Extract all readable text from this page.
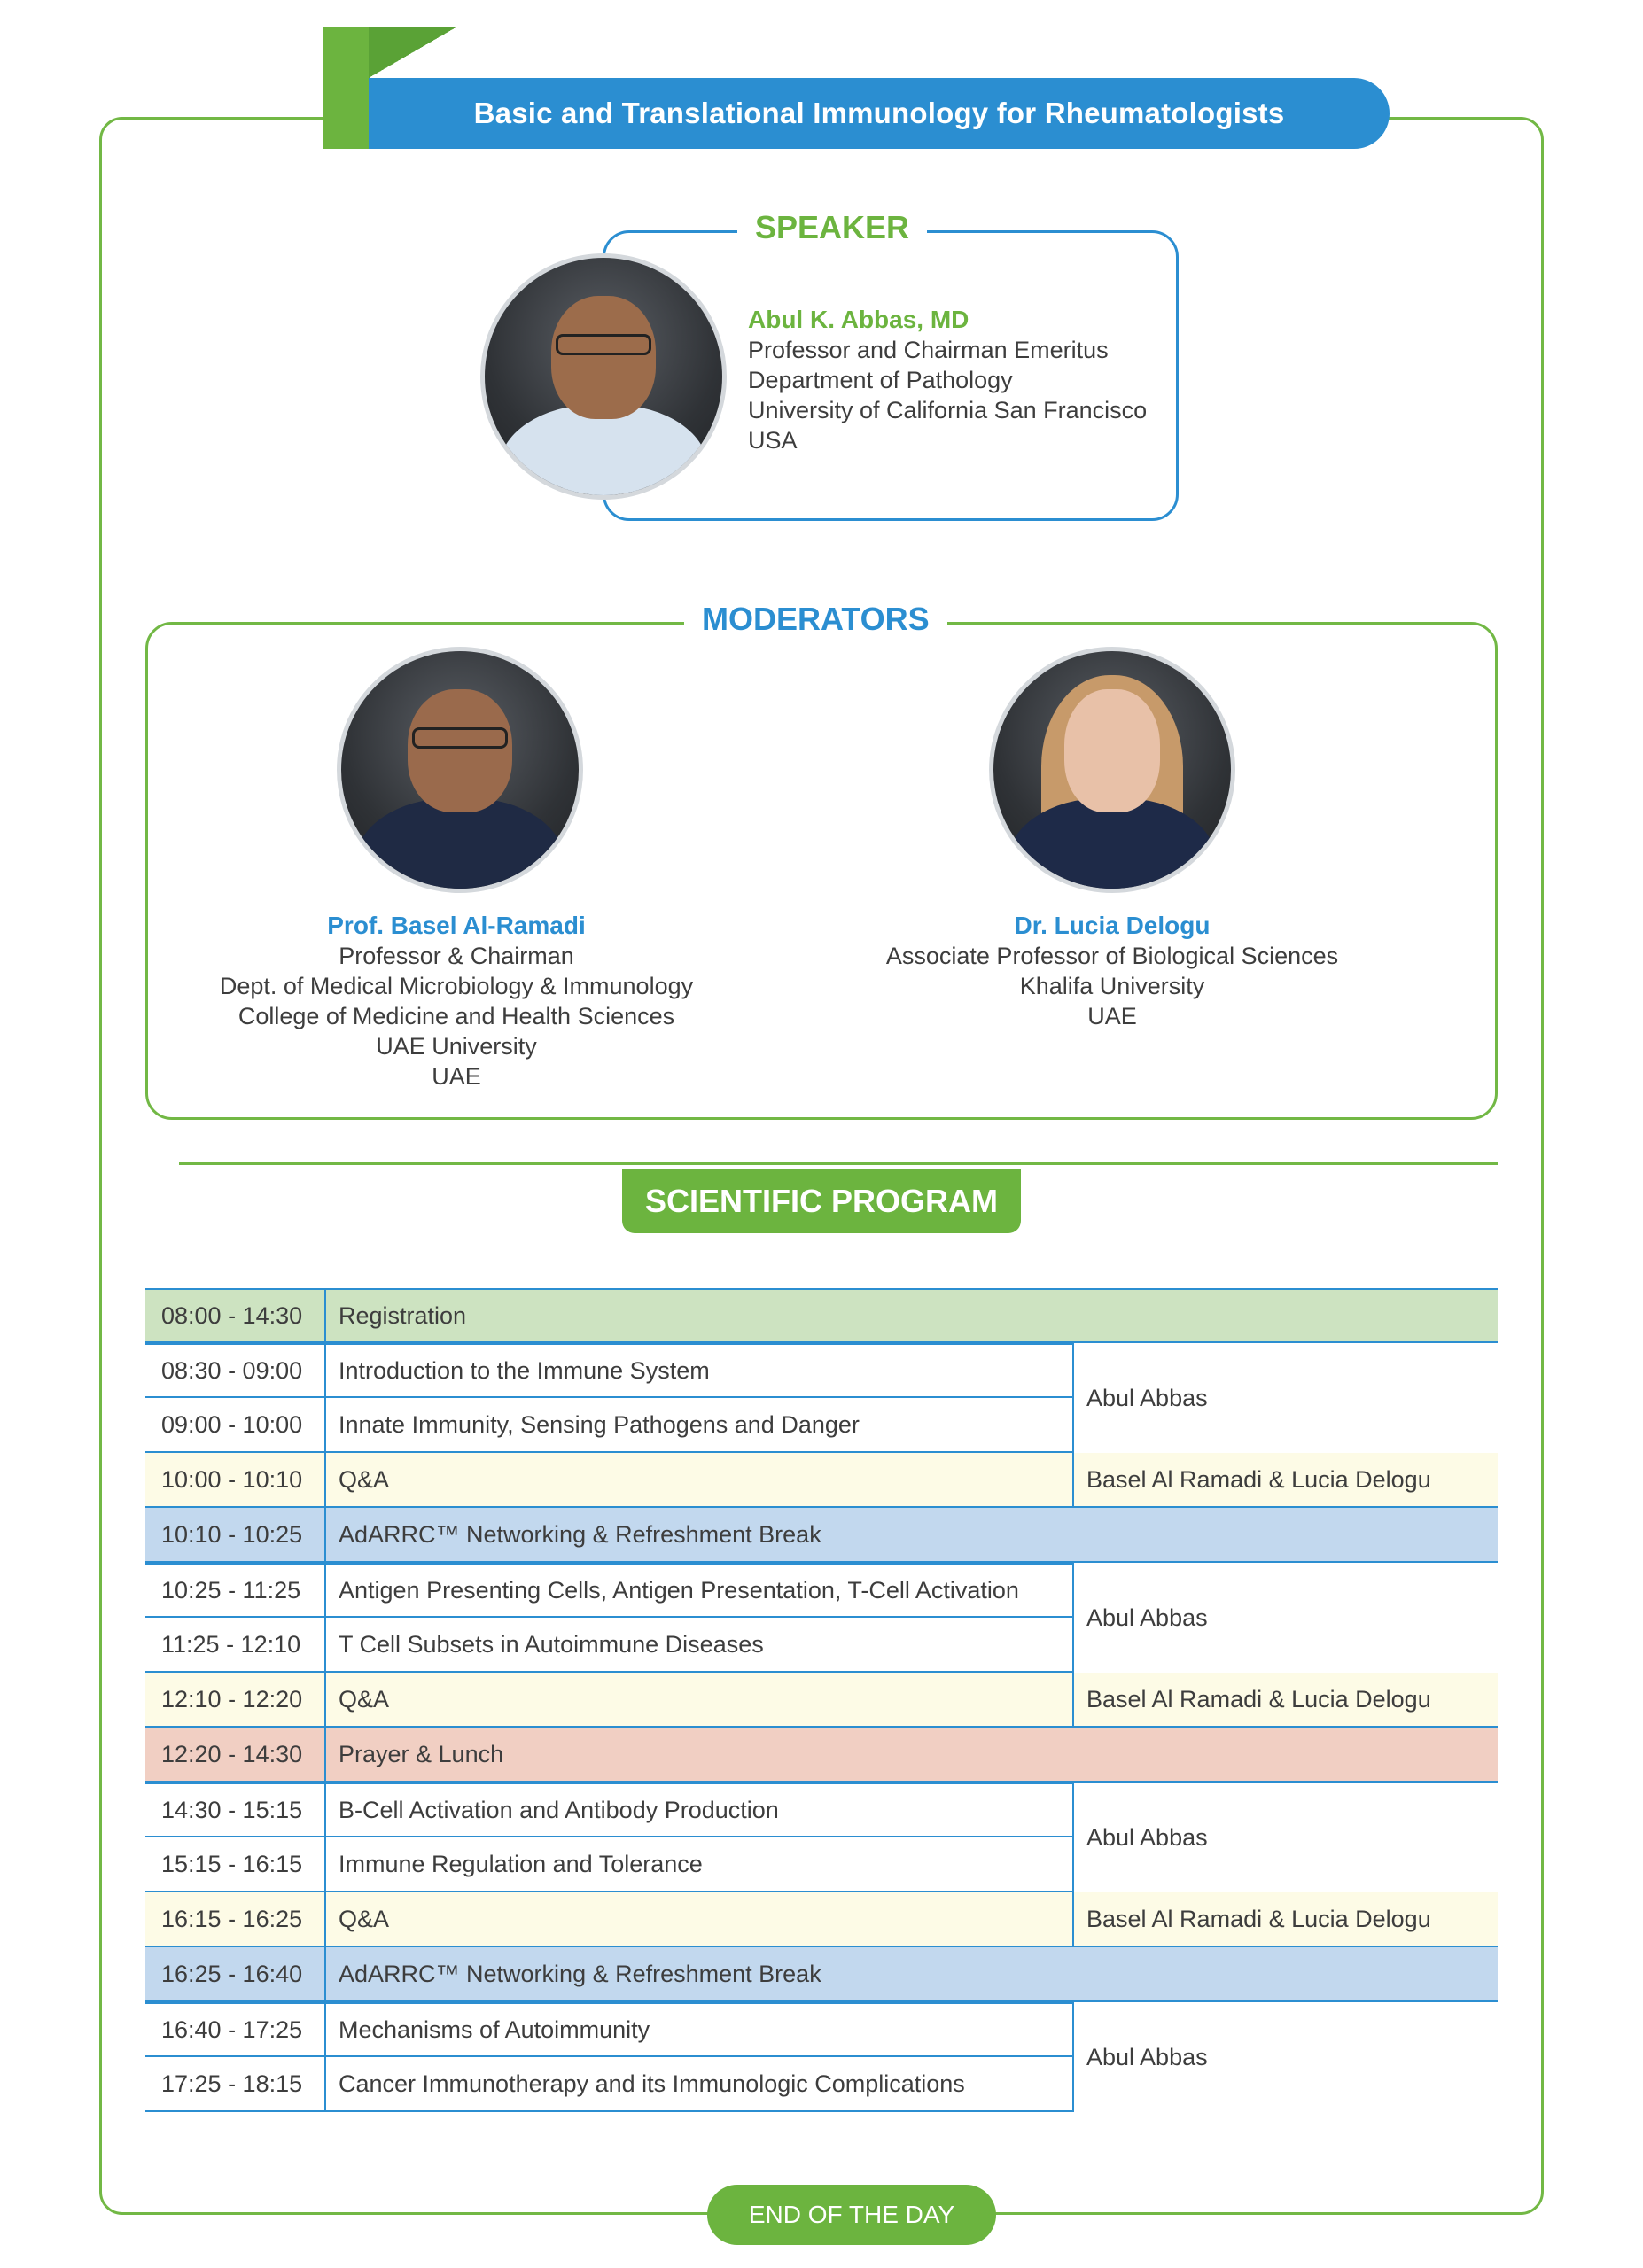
Basic and Translational Immunology for Rheumatologists
SPEAKER
Abul K. Abbas, MD
Professor and Chairman Emeritus
Department of Pathology
University of California San Francisco
USA
MODERATORS
Prof. Basel Al-Ramadi
Professor & Chairman
Dept. of Medical Microbiology & Immunology
College of Medicine and Health Sciences
UAE University
UAE
Dr. Lucia Delogu
Associate Professor of Biological Sciences
Khalifa University
UAE
SCIENTIFIC PROGRAM
08:00 - 14:30	Registration
08:30 - 09:00	Introduction to the Immune System
09:00 - 10:00	Innate Immunity, Sensing Pathogens and Danger
Abul Abbas
10:00 - 10:10	Q&A	Basel Al Ramadi & Lucia Delogu
10:10 - 10:25	AdARRC™ Networking & Refreshment Break
10:25 - 11:25	Antigen Presenting Cells, Antigen Presentation, T-Cell Activation
11:25 - 12:10	T Cell Subsets in Autoimmune Diseases
Abul Abbas
12:10 - 12:20	Q&A	Basel Al Ramadi & Lucia Delogu
12:20 - 14:30	Prayer & Lunch
14:30 - 15:15	B-Cell Activation and Antibody Production
15:15 - 16:15	Immune Regulation and Tolerance
Abul Abbas
16:15 - 16:25	Q&A	Basel Al Ramadi & Lucia Delogu
16:25 - 16:40	AdARRC™ Networking & Refreshment Break
16:40 - 17:25	Mechanisms of Autoimmunity
17:25 - 18:15	Cancer Immunotherapy and its Immunologic Complications
Abul Abbas
END OF THE DAY
